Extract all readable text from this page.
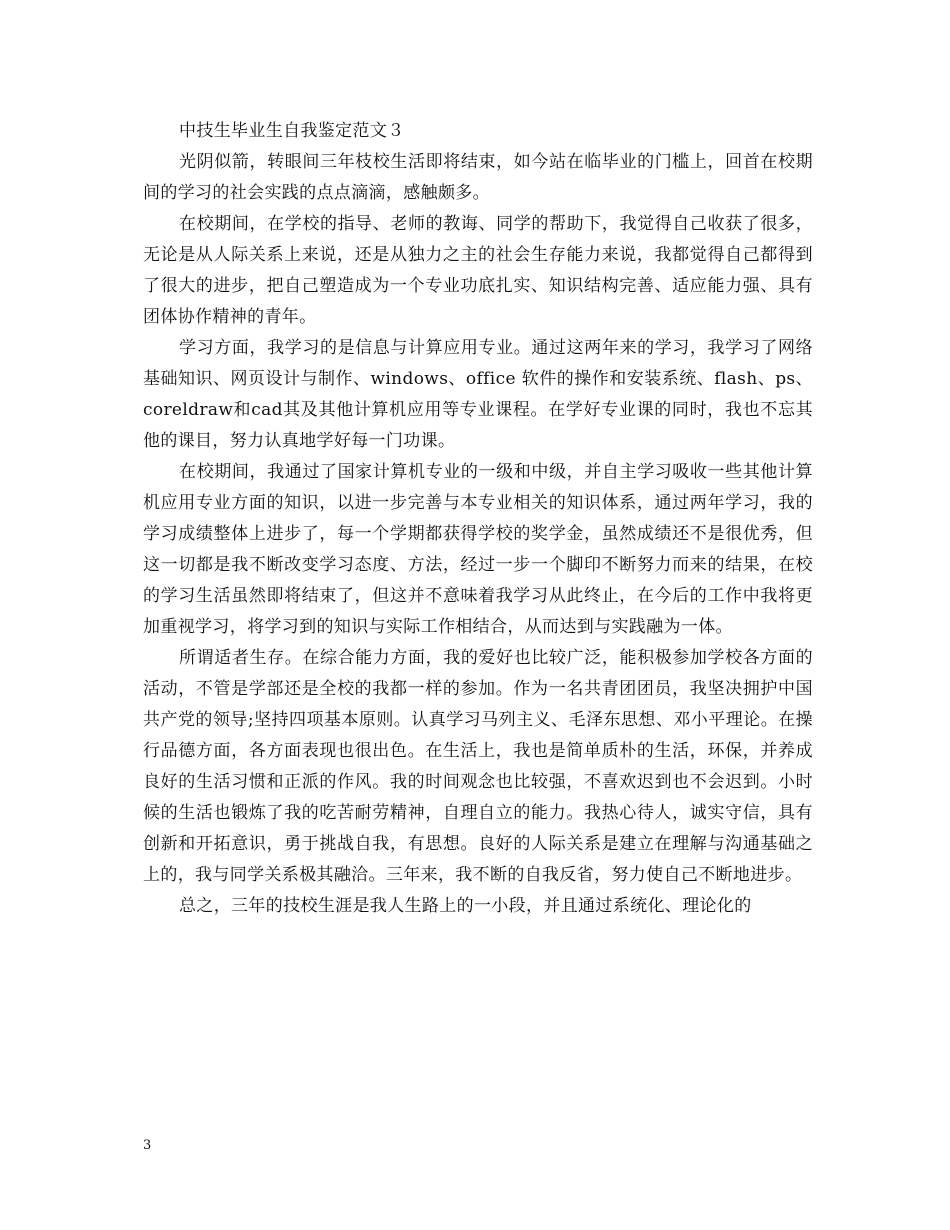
中技生毕业生自我鉴定范文３

光阴似箭，转眼间三年枝校生活即将结束，如今站在临毕业的门槛上，回首在校期间的学习的社会实践的点点滴滴，感触颇多。

在校期间，在学校的指导、老师的教诲、同学的帮助下，我觉得自己收获了很多，无论是从人际关系上来说，还是从独力之主的社会生存能力来说，我都觉得自己都得到了很大的进步，把自己塑造成为一个专业功底扎实、知识结构完善、适应能力强、具有团体协作精神的青年。

学习方面，我学习的是信息与计算应用专业。通过这两年来的学习，我学习了网络基础知识、网页设计与制作、windows、office 软件的操作和安装系统、flash、ps、coreldraw和cad其及其他计算机应用等专业课程。在学好专业课的同时，我也不忘其他的课目，努力认真地学好每一门功课。

在校期间，我通过了国家计算机专业的一级和中级，并自主学习吸收一些其他计算机应用专业方面的知识，以进一步完善与本专业相关的知识体系，通过两年学习，我的学习成绩整体上进步了，每一个学期都获得学校的奖学金，虽然成绩还不是很优秀，但这一切都是我不断改变学习态度、方法，经过一步一个脚印不断努力而来的结果，在校的学习生活虽然即将结束了，但这并不意味着我学习从此终止，在今后的工作中我将更加重视学习，将学习到的知识与实际工作相结合，从而达到与实践融为一体。

所谓适者生存。在综合能力方面，我的爱好也比较广泛，能积极参加学校各方面的活动，不管是学部还是全校的我都一样的参加。作为一名共青团团员，我坚决拥护中国共产党的领导;坚持四项基本原则。认真学习马列主义、毛泽东思想、邓小平理论。在操行品德方面，各方面表现也很出色。在生活上，我也是简单质朴的生活，环保，并养成良好的生活习惯和正派的作风。我的时间观念也比较强，不喜欢迟到也不会迟到。小时候的生活也锻炼了我的吃苦耐劳精神，自理自立的能力。我热心待人，诚实守信，具有创新和开拓意识，勇于挑战自我，有思想。良好的人际关系是建立在理解与沟通基础之上的，我与同学关系极其融洽。三年来，我不断的自我反省，努力使自己不断地进步。

总之，三年的技校生涯是我人生路上的一小段，并且通过系统化、理论化的

3
